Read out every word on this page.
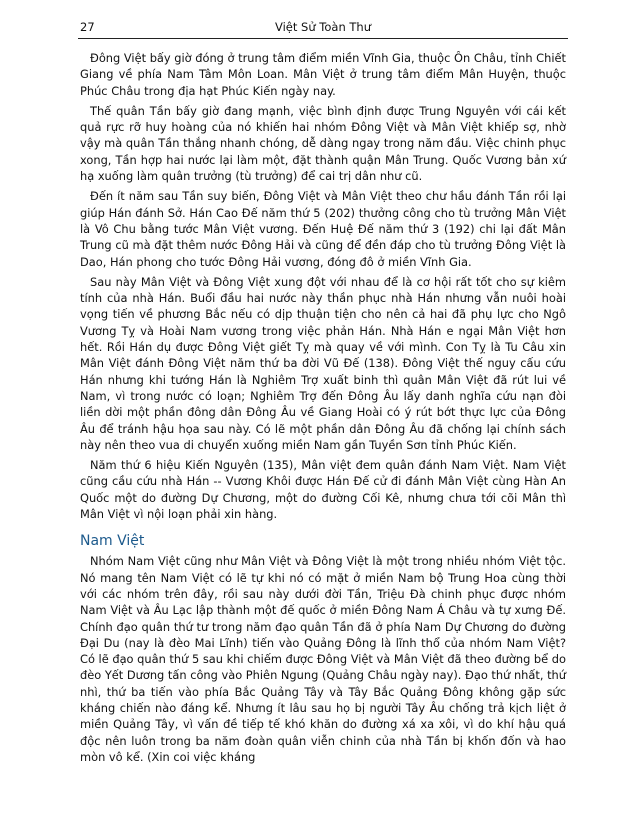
27	Việt Sử Toàn Thư

Đông Việt bấy giờ đóng ở trung tâm điểm miền Vĩnh Gia, thuộc Ôn Châu, tỉnh Chiết Giang về phía Nam Tâm Môn Loan. Mân Việt ở trung tâm điểm Mân Huyện, thuộc Phúc Châu trong địa hạt Phúc Kiến ngày nay.

Thế quân Tần bấy giờ đang mạnh, việc bình định được Trung Nguyên với cái kết quả rực rỡ huy hoàng của nó khiến hai nhóm Đông Việt và Mân Việt khiếp sợ, nhờ vậy mà quân Tần thắng nhanh chóng, dễ dàng ngay trong năm đầu. Việc chinh phục xong, Tần hợp hai nước lại làm một, đặt thành quận Mân Trung. Quốc Vương bản xứ hạ xuống làm quân trưởng (tù trưởng) để cai trị dân như cũ.

Đến ít năm sau Tần suy biến, Đông Việt và Mân Việt theo chư hầu đánh Tần rồi lại giúp Hán đánh Sở. Hán Cao Đế năm thứ 5 (202) thưởng công cho tù trưởng Mân Việt là Vô Chu bằng tước Mân Việt vương. Đến Huệ Đế năm thứ 3 (192) chi lại đất Mân Trung cũ mà đặt thêm nước Đông Hải và cũng để đền đáp cho tù trưởng Đông Việt là Dao, Hán phong cho tước Đông Hải vương, đóng đô ở miền Vĩnh Gia.

Sau này Mân Việt và Đông Việt xung đột với nhau để là cơ hội rất tốt cho sự kiêm tính của nhà Hán. Buổi đầu hai nước này thần phục nhà Hán nhưng vẫn nuôi hoài vọng tiến về phương Bắc nếu có dịp thuận tiện cho nên cả hai đã phụ lực cho Ngô Vương Tỵ và Hoài Nam vương trong việc phản Hán. Nhà Hán e ngại Mân Việt hơn hết. Rồi Hán dụ được Đông Việt giết Tỵ mà quay về với mình. Con Tỵ là Tu Câu xin Mân Việt đánh Đông Việt năm thứ ba đời Vũ Đế (138). Đông Việt thế nguy cấu cứu Hán nhưng khi tướng Hán là Nghiêm Trợ xuất binh thì quân Mân Việt đã rút lui về Nam, vì trong nước có loạn; Nghiêm Trợ đến Đông Âu lấy danh nghĩa cứu nạn đòi liền dời một phần đông dân Đông Âu về Giang Hoài có ý rút bớt thực lực của Đông Âu để tránh hậu họa sau này. Có lẽ một phần dân Đông Âu đã chống lại chính sách này nên theo vua di chuyển xuống miền Nam gần Tuyền Sơn tỉnh Phúc Kiến.

Năm thứ 6 hiệu Kiến Nguyên (135), Mân việt đem quân đánh Nam Việt. Nam Việt cũng cầu cứu nhà Hán -- Vương Khôi được Hán Đế cử đi đánh Mân Việt cùng Hàn An Quốc một do đường Dự Chương, một do đường Cối Kê, nhưng chưa tới cõi Mân thì Mân Việt vì nội loạn phải xin hàng.

Nam Việt

Nhóm Nam Việt cũng như Mân Việt và Đông Việt là một trong nhiều nhóm Việt tộc. Nó mang tên Nam Việt có lẽ tự khi nó có mặt ở miền Nam bộ Trung Hoa cùng thời với các nhóm trên đây, rồi sau này dưới đời Tần, Triệu Đà chinh phục được nhóm Nam Việt và Âu Lạc lập thành một đế quốc ở miền Đông Nam Á Châu và tự xưng Đế. Chính đạo quân thứ tư trong năm đạo quân Tần đã ở phía Nam Dự Chương do đường Đại Du (nay là đèo Mai Lĩnh) tiến vào Quảng Đông là lĩnh thổ của nhóm Nam Việt? Có lẽ đạo quân thứ 5 sau khi chiếm được Đông Việt và Mân Việt đã theo đường bể do đèo Yết Dương tấn công vào Phiên Ngung (Quảng Châu ngày nay). Đạo thứ nhất, thứ nhì, thứ ba tiến vào phía Bắc Quảng Tây và Tây Bắc Quảng Đông không gặp sức kháng chiến nào đáng kể. Nhưng ít lâu sau họ bị người Tây Âu chống trả kịch liệt ở miền Quảng Tây, vì vấn đề tiếp tế khó khăn do đường xá xa xôi, vì do khí hậu quá độc nên luôn trong ba năm đoàn quân viễn chinh của nhà Tần bị khốn đốn và hao mòn vô kể. (Xin coi việc kháng
